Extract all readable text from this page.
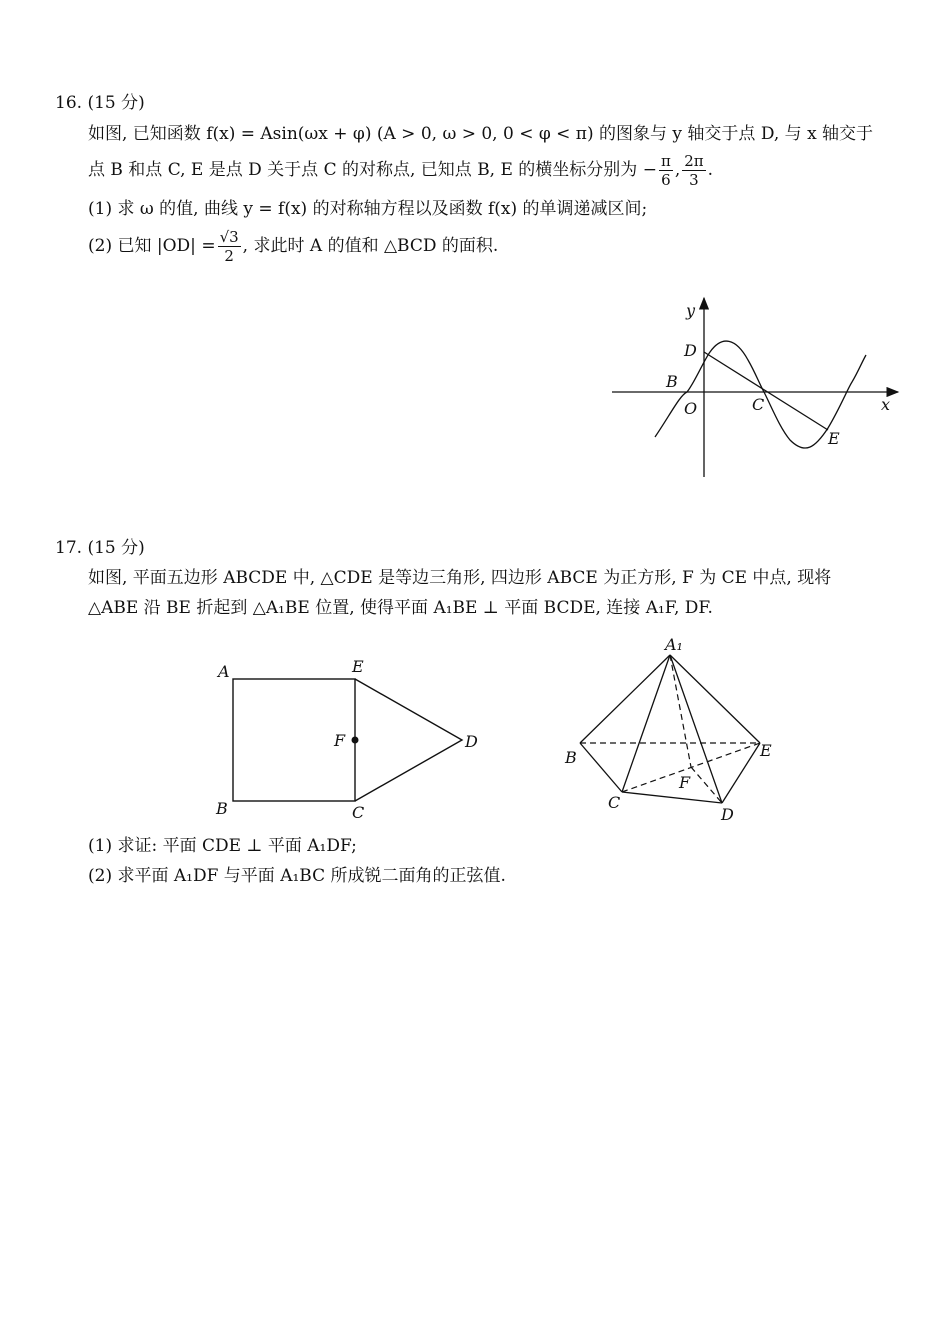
16. (15 分)
如图, 已知函数 f(x) = Asin(ωx + φ) (A > 0, ω > 0, 0 < φ < π) 的图象与 y 轴交于点 D, 与 x 轴交于
点 B 和点 C, E 是点 D 关于点 C 的对称点, 已知点 B, E 的横坐标分别为 − $\frac{\pi}{6}$ , $\frac{2\pi}{3}$ .
(1) 求 ω 的值, 曲线 y = f(x) 的对称轴方程以及函数 f(x) 的单调递减区间;
(2) 已知 $|OD| = \frac{√3}{2}$ , 求此时 A 的值和 △BCD 的面积.
y
x
D
B
O	C
E
17. (15 分)
如图, 平面五边形 ABCDE 中, △CDE 是等边三角形, 四边形 ABCE 为正方形, F 为 CE 中点, 现将
△ABE 沿 BE 折起到 △A₁BE 位置, 使得平面 A₁BE ⊥ 平面 BCDE, 连接 A₁F, DF.
A	E
F	D
B	C
A₁
B	E
F
C
D
(1) 求证: 平面 CDE ⊥ 平面 A₁DF;
(2) 求平面 A₁DF 与平面 A₁BC 所成锐二面角的正弦值.
